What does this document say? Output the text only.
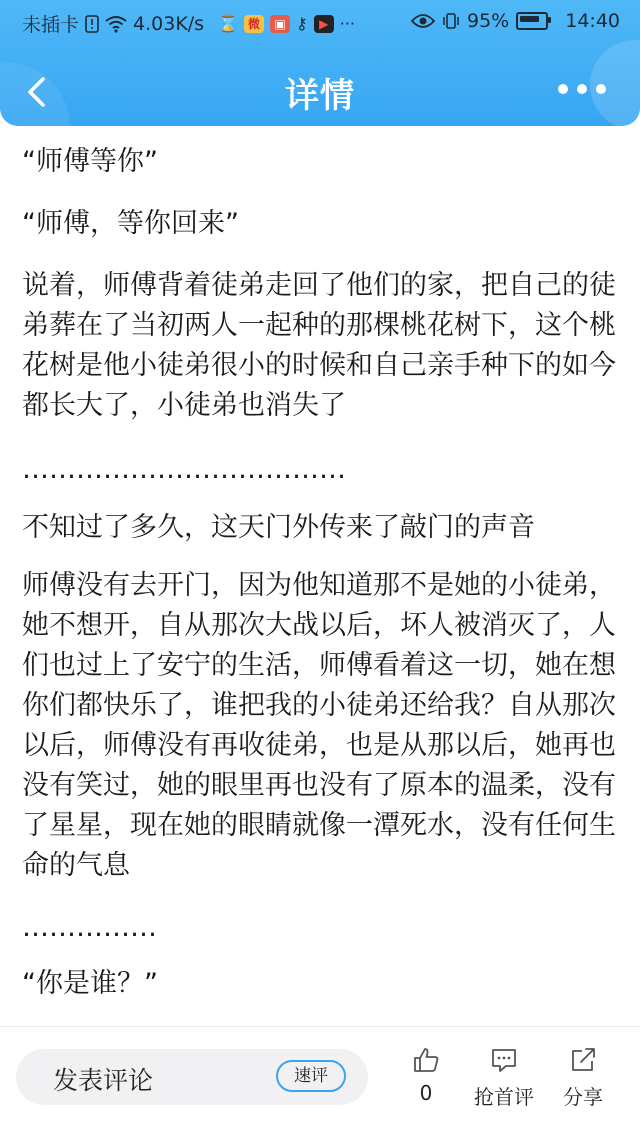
未插卡	4.03K/s ⌛ 微	▣ ⚷ ▶ ···	95%	14:40
详情

“师傅等你”

“师傅，等你回来”

说着，师傅背着徒弟走回了他们的家，把自己的徒弟葬在了当初两人一起种的那棵桃花树下，这个桃花树是他小徒弟很小的时候和自己亲手种下的如今都长大了，小徒弟也消失了

………………………………

不知过了多久，这天门外传来了敲门的声音

师傅没有去开门，因为他知道那不是她的小徒弟，她不想开，自从那次大战以后，坏人被消灭了，人们也过上了安宁的生活，师傅看着这一切，她在想你们都快乐了，谁把我的小徒弟还给我？自从那次以后，师傅没有再收徒弟，也是从那以后，她再也没有笑过，她的眼里再也没有了原本的温柔，没有了星星，现在她的眼睛就像一潭死水，没有任何生命的气息

……………

“你是谁？”

发表评论	速评
0	抢首评	分享
